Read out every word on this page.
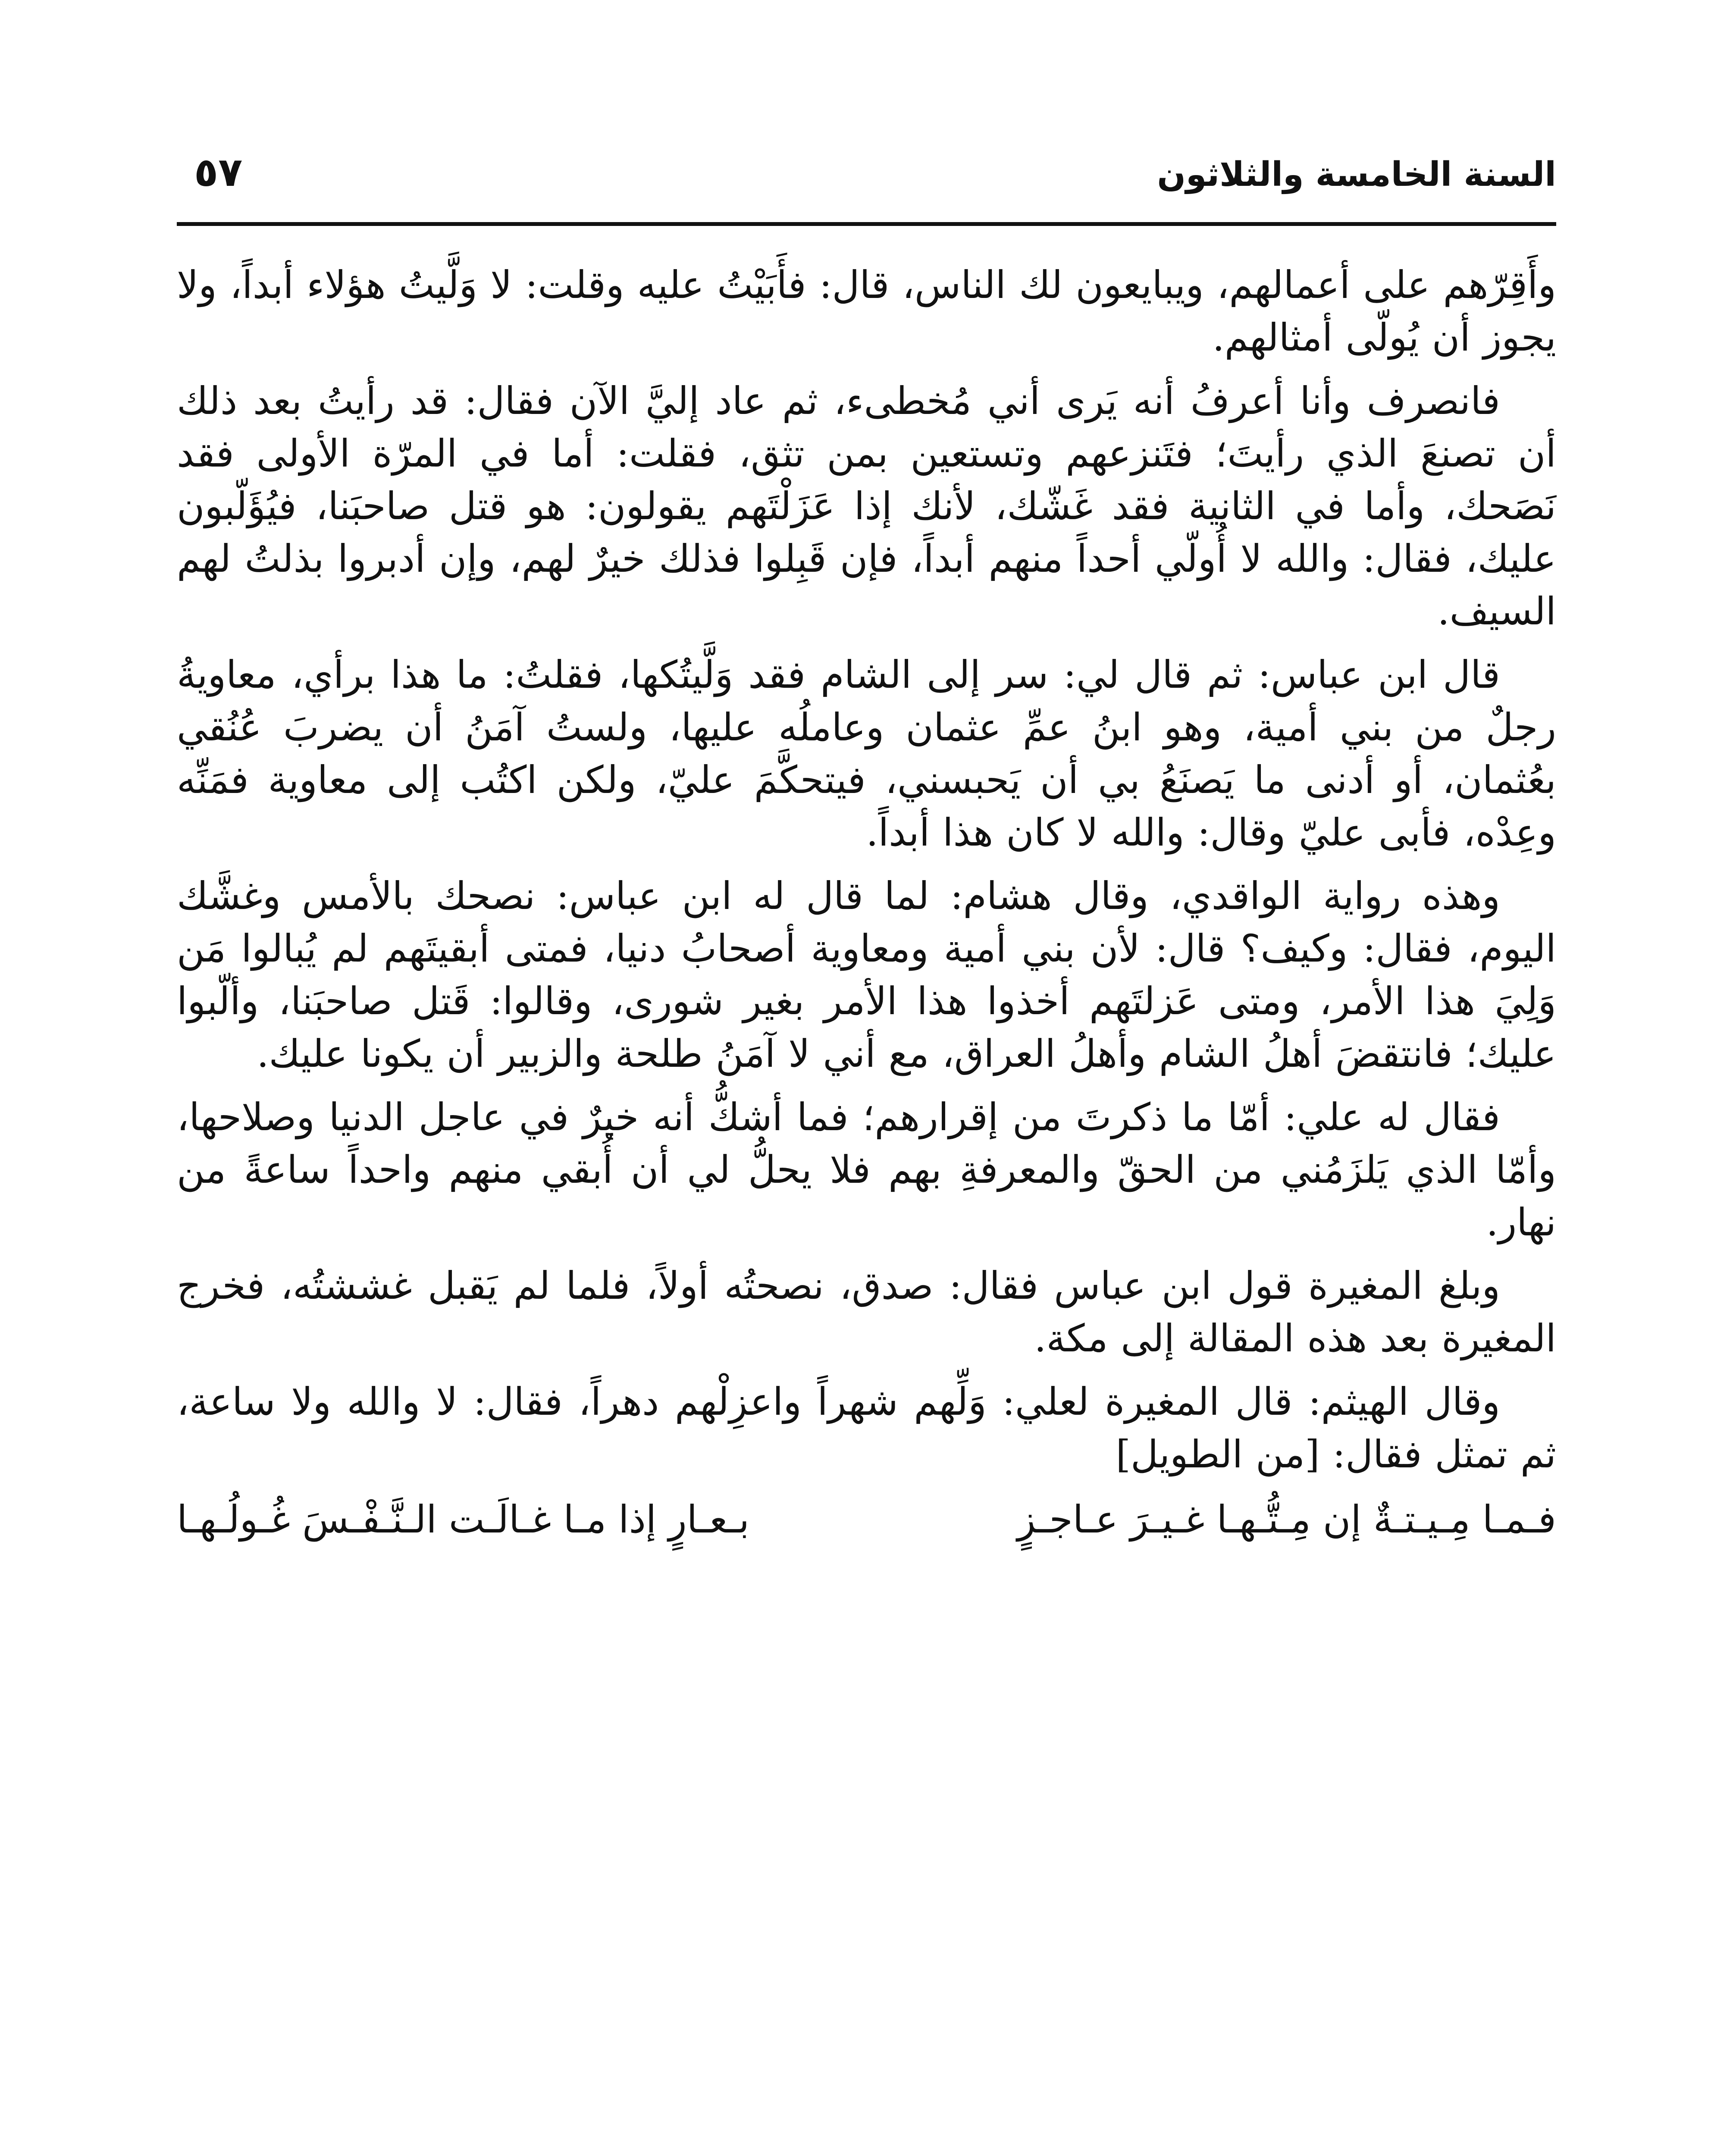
السنة الخامسة والثلاثون
٥٧

وأَقِرّهم على أعمالهم، ويبايعون لك الناس، قال: فأَبَيْتُ عليه وقلت: لا وَلَّيتُ هؤلاء أبداً، ولا يجوز أن يُولّى أمثالهم.

فانصرف وأنا أعرفُ أنه يَرى أني مُخطىء، ثم عاد إليَّ الآن فقال: قد رأيتُ بعد ذلك أن تصنعَ الذي رأيتَ؛ فتَنزعهم وتستعين بمن تثق، فقلت: أما في المرّة الأولى فقد نَصَحك، وأما في الثانية فقد غَشّك، لأنك إذا عَزَلْتَهم يقولون: هو قتل صاحبَنا، فيُؤَلّبون عليك، فقال: والله لا أُولّي أحداً منهم أبداً، فإن قَبِلوا فذلك خيرٌ لهم، وإن أدبروا بذلتُ لهم السيف.

قال ابن عباس: ثم قال لي: سر إلى الشام فقد وَلَّيتُكها، فقلتُ: ما هذا برأي، معاويةُ رجلٌ من بني أمية، وهو ابنُ عمِّ عثمان وعاملُه عليها، ولستُ آمَنُ أن يضربَ عُنُقي بعُثمان، أو أدنى ما يَصنَعُ بي أن يَحبسني، فيتحكَّمَ عليّ، ولكن اكتُب إلى معاوية فمَنِّه وعِدْه، فأبى عليّ وقال: والله لا كان هذا أبداً.

وهذه رواية الواقدي، وقال هشام: لما قال له ابن عباس: نصحك بالأمس وغشَّك اليوم، فقال: وكيف؟ قال: لأن بني أمية ومعاوية أصحابُ دنيا، فمتى أبقيتَهم لم يُبالوا مَن وَلِيَ هذا الأمر، ومتى عَزلتَهم أخذوا هذا الأمر بغير شورى، وقالوا: قَتل صاحبَنا، وألّبوا عليك؛ فانتقضَ أهلُ الشام وأهلُ العراق، مع أني لا آمَنُ طلحة والزبير أن يكونا عليك.

فقال له علي: أمّا ما ذكرتَ من إقرارهم؛ فما أشكُّ أنه خيرٌ في عاجل الدنيا وصلاحها، وأمّا الذي يَلزَمُني من الحقّ والمعرفةِ بهم فلا يحلُّ لي أن أُبقي منهم واحداً ساعةً من نهار.

وبلغ المغيرة قول ابن عباس فقال: صدق، نصحتُه أولاً، فلما لم يَقبل غششتُه، فخرج المغيرة بعد هذه المقالة إلى مكة.

وقال الهيثم: قال المغيرة لعلي: وَلِّهم شهراً واعزِلْهم دهراً، فقال: لا والله ولا ساعة، ثم تمثل فقال: [من الطويل]

فـمـا مِـيـتـةٌ إن مِـتُّـهـا غـيـرَ عـاجـزٍ
بـعـارٍ إذا مـا غـالَـت الـنَّـفْـسَ غُـولُـهـا
